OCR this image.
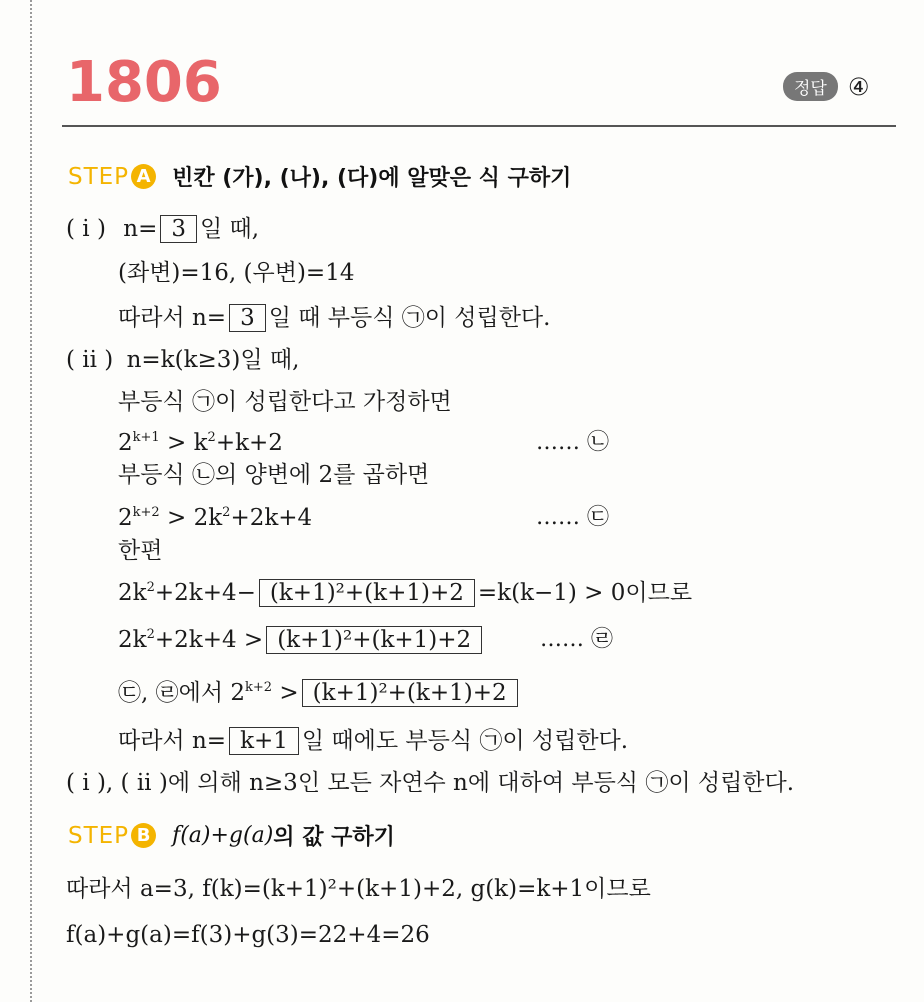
1806	정답 ④
STEP A 빈칸 (가), (나), (다)에 알맞은 식 구하기
( i ) n= 3 일 때,
(좌변)=16, (우변)=14
따라서 n= 3 일 때 부등식 ㉠이 성립한다.
( ii ) n=k(k≥3)일 때,
부등식 ㉠이 성립한다고 가정하면
$2^{k+1} > k^2+k+2$	…… ㉡
부등식 ㉡의 양변에 2를 곱하면
$2^{k+2} > 2k^2+2k+4$	…… ㉢
한편
$2k^2+2k+4- (k+1)^2+(k+1)+2 =k(k-1) > 0$이므로
$2k^2+2k+4 > (k+1)^2+(k+1)+2$	…… ㉣
㉢, ㉣에서 $2^{k+2} > (k+1)^2+(k+1)+2$
따라서 n= k+1 일 때에도 부등식 ㉠이 성립한다.
( i ), ( ii )에 의해 n≥3인 모든 자연수 n에 대하여 부등식 ㉠이 성립한다.
STEP B f(a)+g(a) 의 값 구하기
따라서 a=3, f(k)=(k+1)²+(k+1)+2, g(k)=k+1이므로
f(a)+g(a)=f(3)+g(3)=22+4=26
